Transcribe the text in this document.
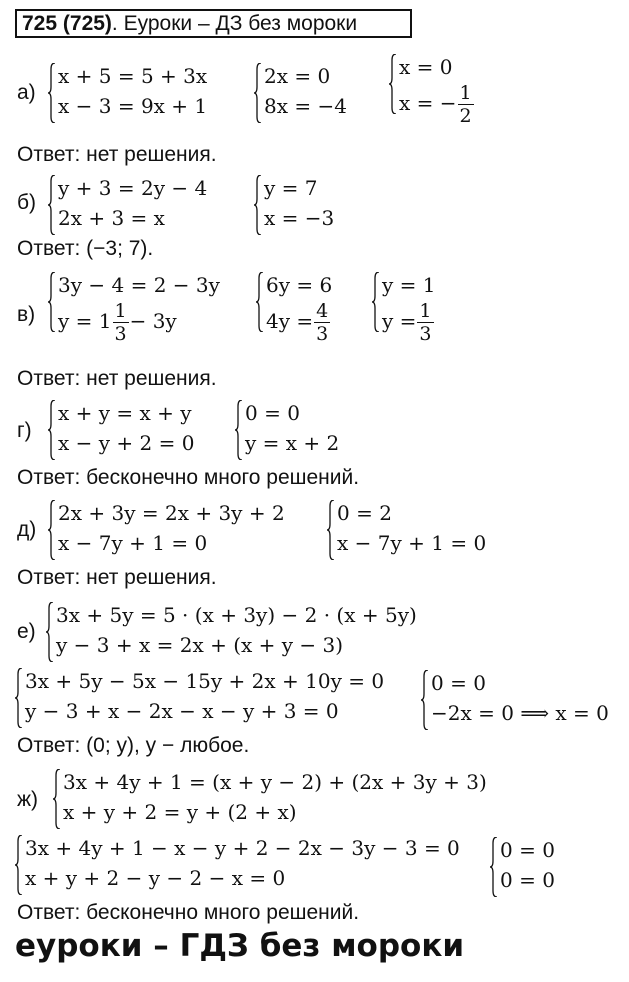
725 (725). Еуроки – ДЗ без мороки
а)
x + 5 = 5 + 3x
x − 3 = 9x + 1
2x = 0
8x = −4
x = 0
x = − $\frac{1}{2}$
Ответ: нет решения.
б)
y + 3 = 2y − 4
2x + 3 = x
y = 7
x = −3
Ответ: (−3; 7).
в)
3y − 4 = 2 − 3y
$y = 1 \frac{1}{3} - 3y$
6y = 6
$4y = \frac{4}{3}$
y = 1
$y = \frac{1}{3}$
Ответ: нет решения.
г)
x + y = x + y
x − y + 2 = 0
0 = 0
y = x + 2
Ответ: бесконечно много решений.
д)
2x + 3y = 2x + 3y + 2
x − 7y + 1 = 0
0 = 2
x − 7y + 1 = 0
Ответ: нет решения.
е)
3x + 5y = 5 · (x + 3y) − 2 · (x + 5y)
y − 3 + x = 2x + (x + y − 3)
3x + 5y − 5x − 15y + 2x + 10y = 0
y − 3 + x − 2x − x − y + 3 = 0
0 = 0
−2x = 0 ⟹ x = 0
Ответ: (0; y), y − любое.
ж)
3x + 4y + 1 = (x + y − 2) + (2x + 3y + 3)
x + y + 2 = y + (2 + x)
3x + 4y + 1 − x − y + 2 − 2x − 3y − 3 = 0
x + y + 2 − y − 2 − x = 0
0 = 0
0 = 0
Ответ: бесконечно много решений.
еуроки – ГДЗ без мороки
